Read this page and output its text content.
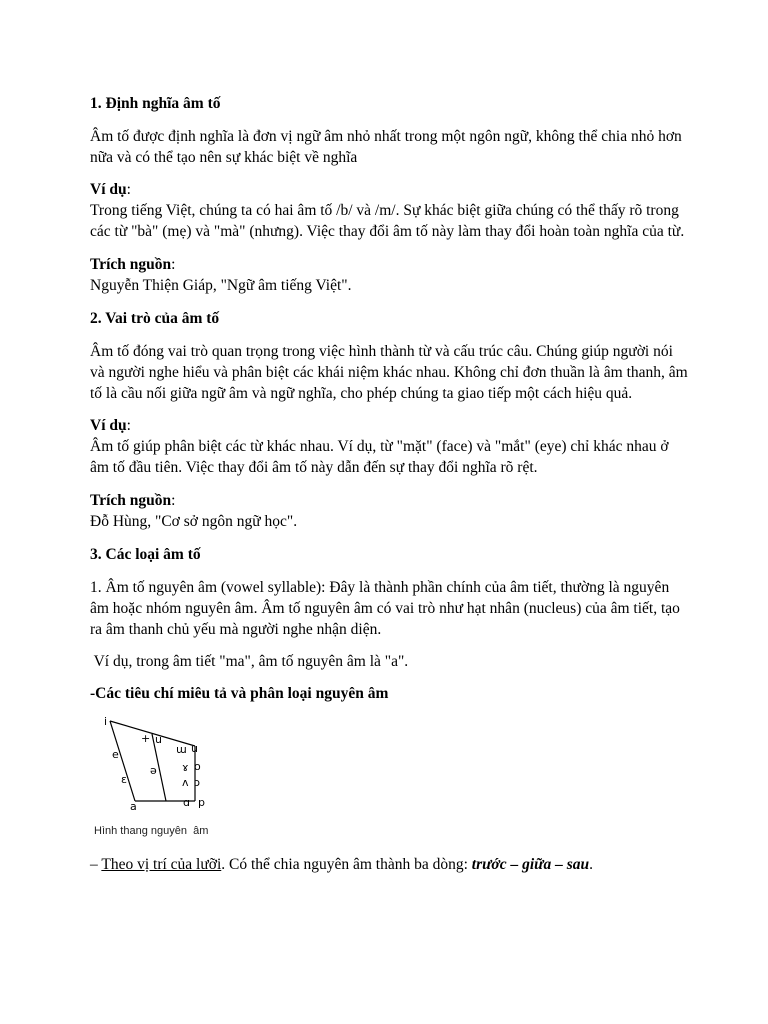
1. Định nghĩa âm tố

Âm tố được định nghĩa là đơn vị ngữ âm nhỏ nhất trong một ngôn ngữ, không thể chia nhỏ hơn nữa và có thể tạo nên sự khác biệt về nghĩa

Ví dụ:
Trong tiếng Việt, chúng ta có hai âm tố /b/ và /m/. Sự khác biệt giữa chúng có thể thấy rõ trong các từ "bà" (mẹ) và "mà" (nhưng). Việc thay đổi âm tố này làm thay đổi hoàn toàn nghĩa của từ.
Trích nguồn:
Nguyễn Thiện Giáp, "Ngữ âm tiếng Việt".
2. Vai trò của âm tố

Âm tố đóng vai trò quan trọng trong việc hình thành từ và cấu trúc câu. Chúng giúp người nói và người nghe hiểu và phân biệt các khái niệm khác nhau. Không chỉ đơn thuần là âm thanh, âm tố là cầu nối giữa ngữ âm và ngữ nghĩa, cho phép chúng ta giao tiếp một cách hiệu quả.

Ví dụ:
Âm tố giúp phân biệt các từ khác nhau. Ví dụ, từ "mặt" (face) và "mắt" (eye) chỉ khác nhau ở âm tố đầu tiên. Việc thay đổi âm tố này dẫn đến sự thay đổi nghĩa rõ rệt.
Trích nguồn:
Đỗ Hùng, "Cơ sở ngôn ngữ học".
3. Các loại âm tố

1. Âm tố nguyên âm (vowel syllable): Đây là thành phần chính của âm tiết, thường là nguyên âm hoặc nhóm nguyên âm. Âm tố nguyên âm có vai trò như hạt nhân (nucleus) của âm tiết, tạo ra âm thanh chủ yếu mà người nghe nhận diện.

Ví dụ, trong âm tiết "ma", âm tố nguyên âm là "a".

-Các tiêu chí miêu tả và phân loại nguyên âm
i
+ u
e
ə
ɯ u
ɤ o
ɛ	ʌ ɔ
a	ɑ p
Hình thang nguyên  âm

– Theo vị trí của lưỡi. Có thể chia nguyên âm thành ba dòng: trước – giữa – sau.
